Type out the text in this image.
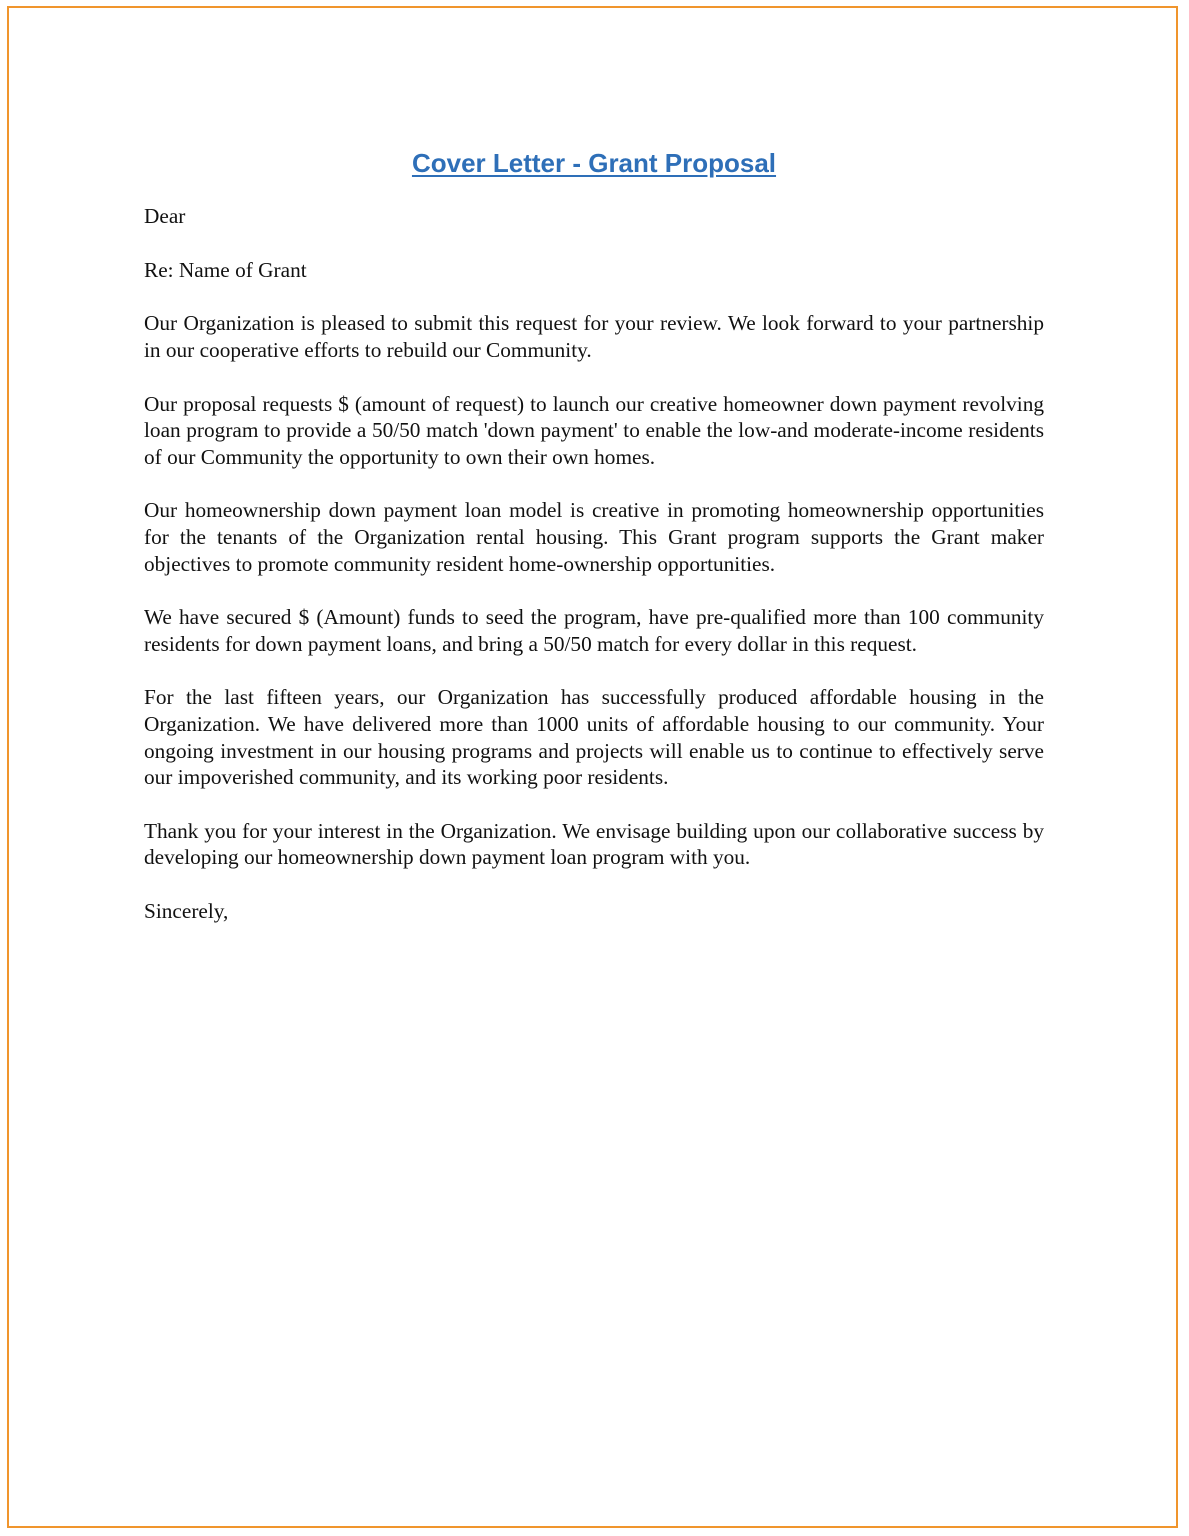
Cover Letter - Grant Proposal
Dear
Re: Name of Grant

Our Organization is pleased to submit this request for your review. We look forward to your partnership in our cooperative efforts to rebuild our Community.

Our proposal requests $ (amount of request) to launch our creative homeowner down payment revolving loan program to provide a 50/50 match 'down payment' to enable the low-and moderate-income residents of our Community the opportunity to own their own homes.

Our homeownership down payment loan model is creative in promoting homeownership opportunities for the tenants of the Organization rental housing. This Grant program supports the Grant maker objectives to promote community resident home-ownership opportunities.

We have secured $ (Amount) funds to seed the program, have pre-qualified more than 100 community residents for down payment loans, and bring a 50/50 match for every dollar in this request.

For the last fifteen years, our Organization has successfully produced affordable housing in the Organization. We have delivered more than 1000 units of affordable housing to our community. Your ongoing investment in our housing programs and projects will enable us to continue to effectively serve our impoverished community, and its working poor residents.

Thank you for your interest in the Organization. We envisage building upon our collaborative success by developing our homeownership down payment loan program with you.

Sincerely,
